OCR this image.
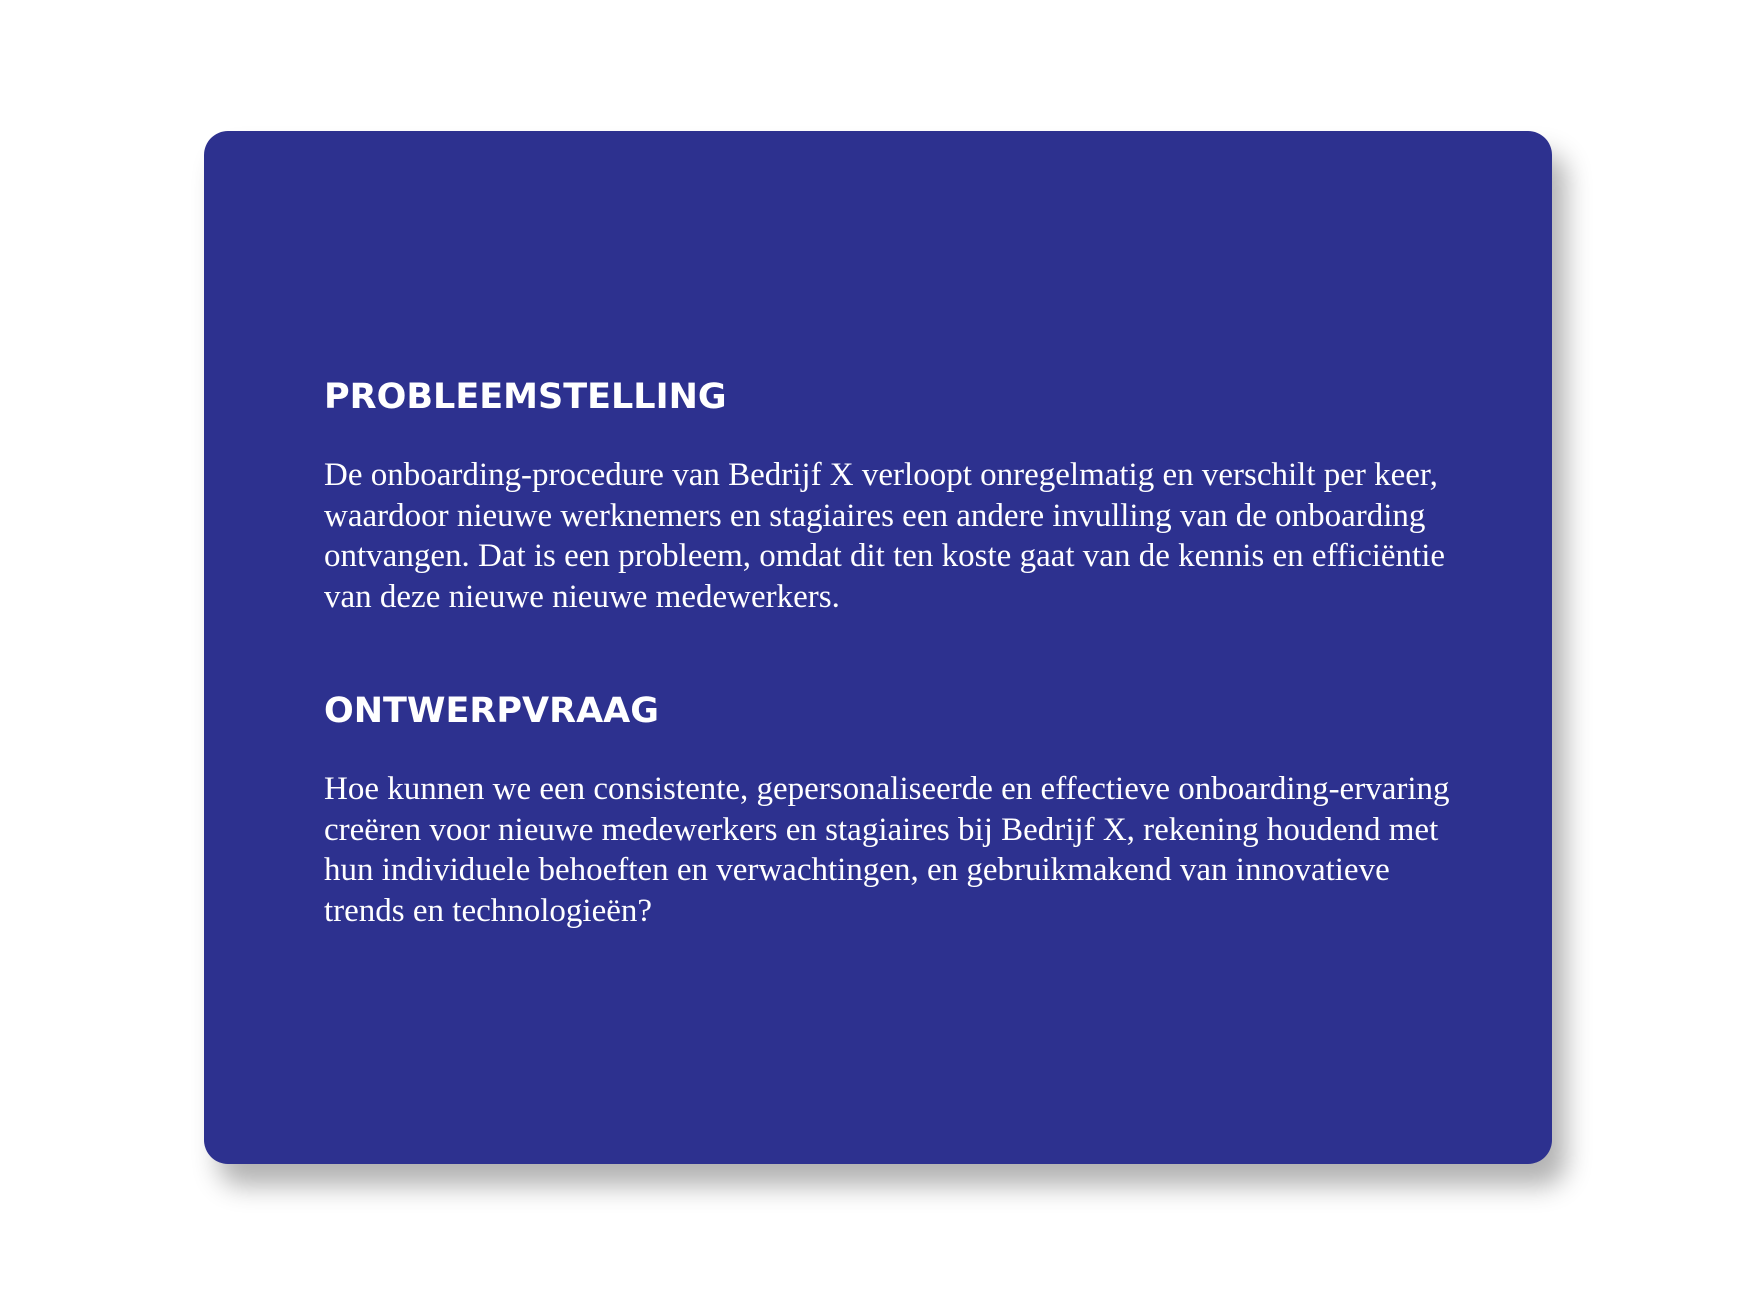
PROBLEEMSTELLING

De onboarding-procedure van Bedrijf X verloopt onregelmatig en verschilt per keer, waardoor nieuwe werknemers en stagiaires een andere invulling van de onboarding ontvangen. Dat is een probleem, omdat dit ten koste gaat van de kennis en efficiëntie van deze nieuwe nieuwe medewerkers.

ONTWERPVRAAG

Hoe kunnen we een consistente, gepersonaliseerde en effectieve onboarding-ervaring creëren voor nieuwe medewerkers en stagiaires bij Bedrijf X, rekening houdend met hun individuele behoeften en verwachtingen, en gebruikmakend van innovatieve trends en technologieën?
